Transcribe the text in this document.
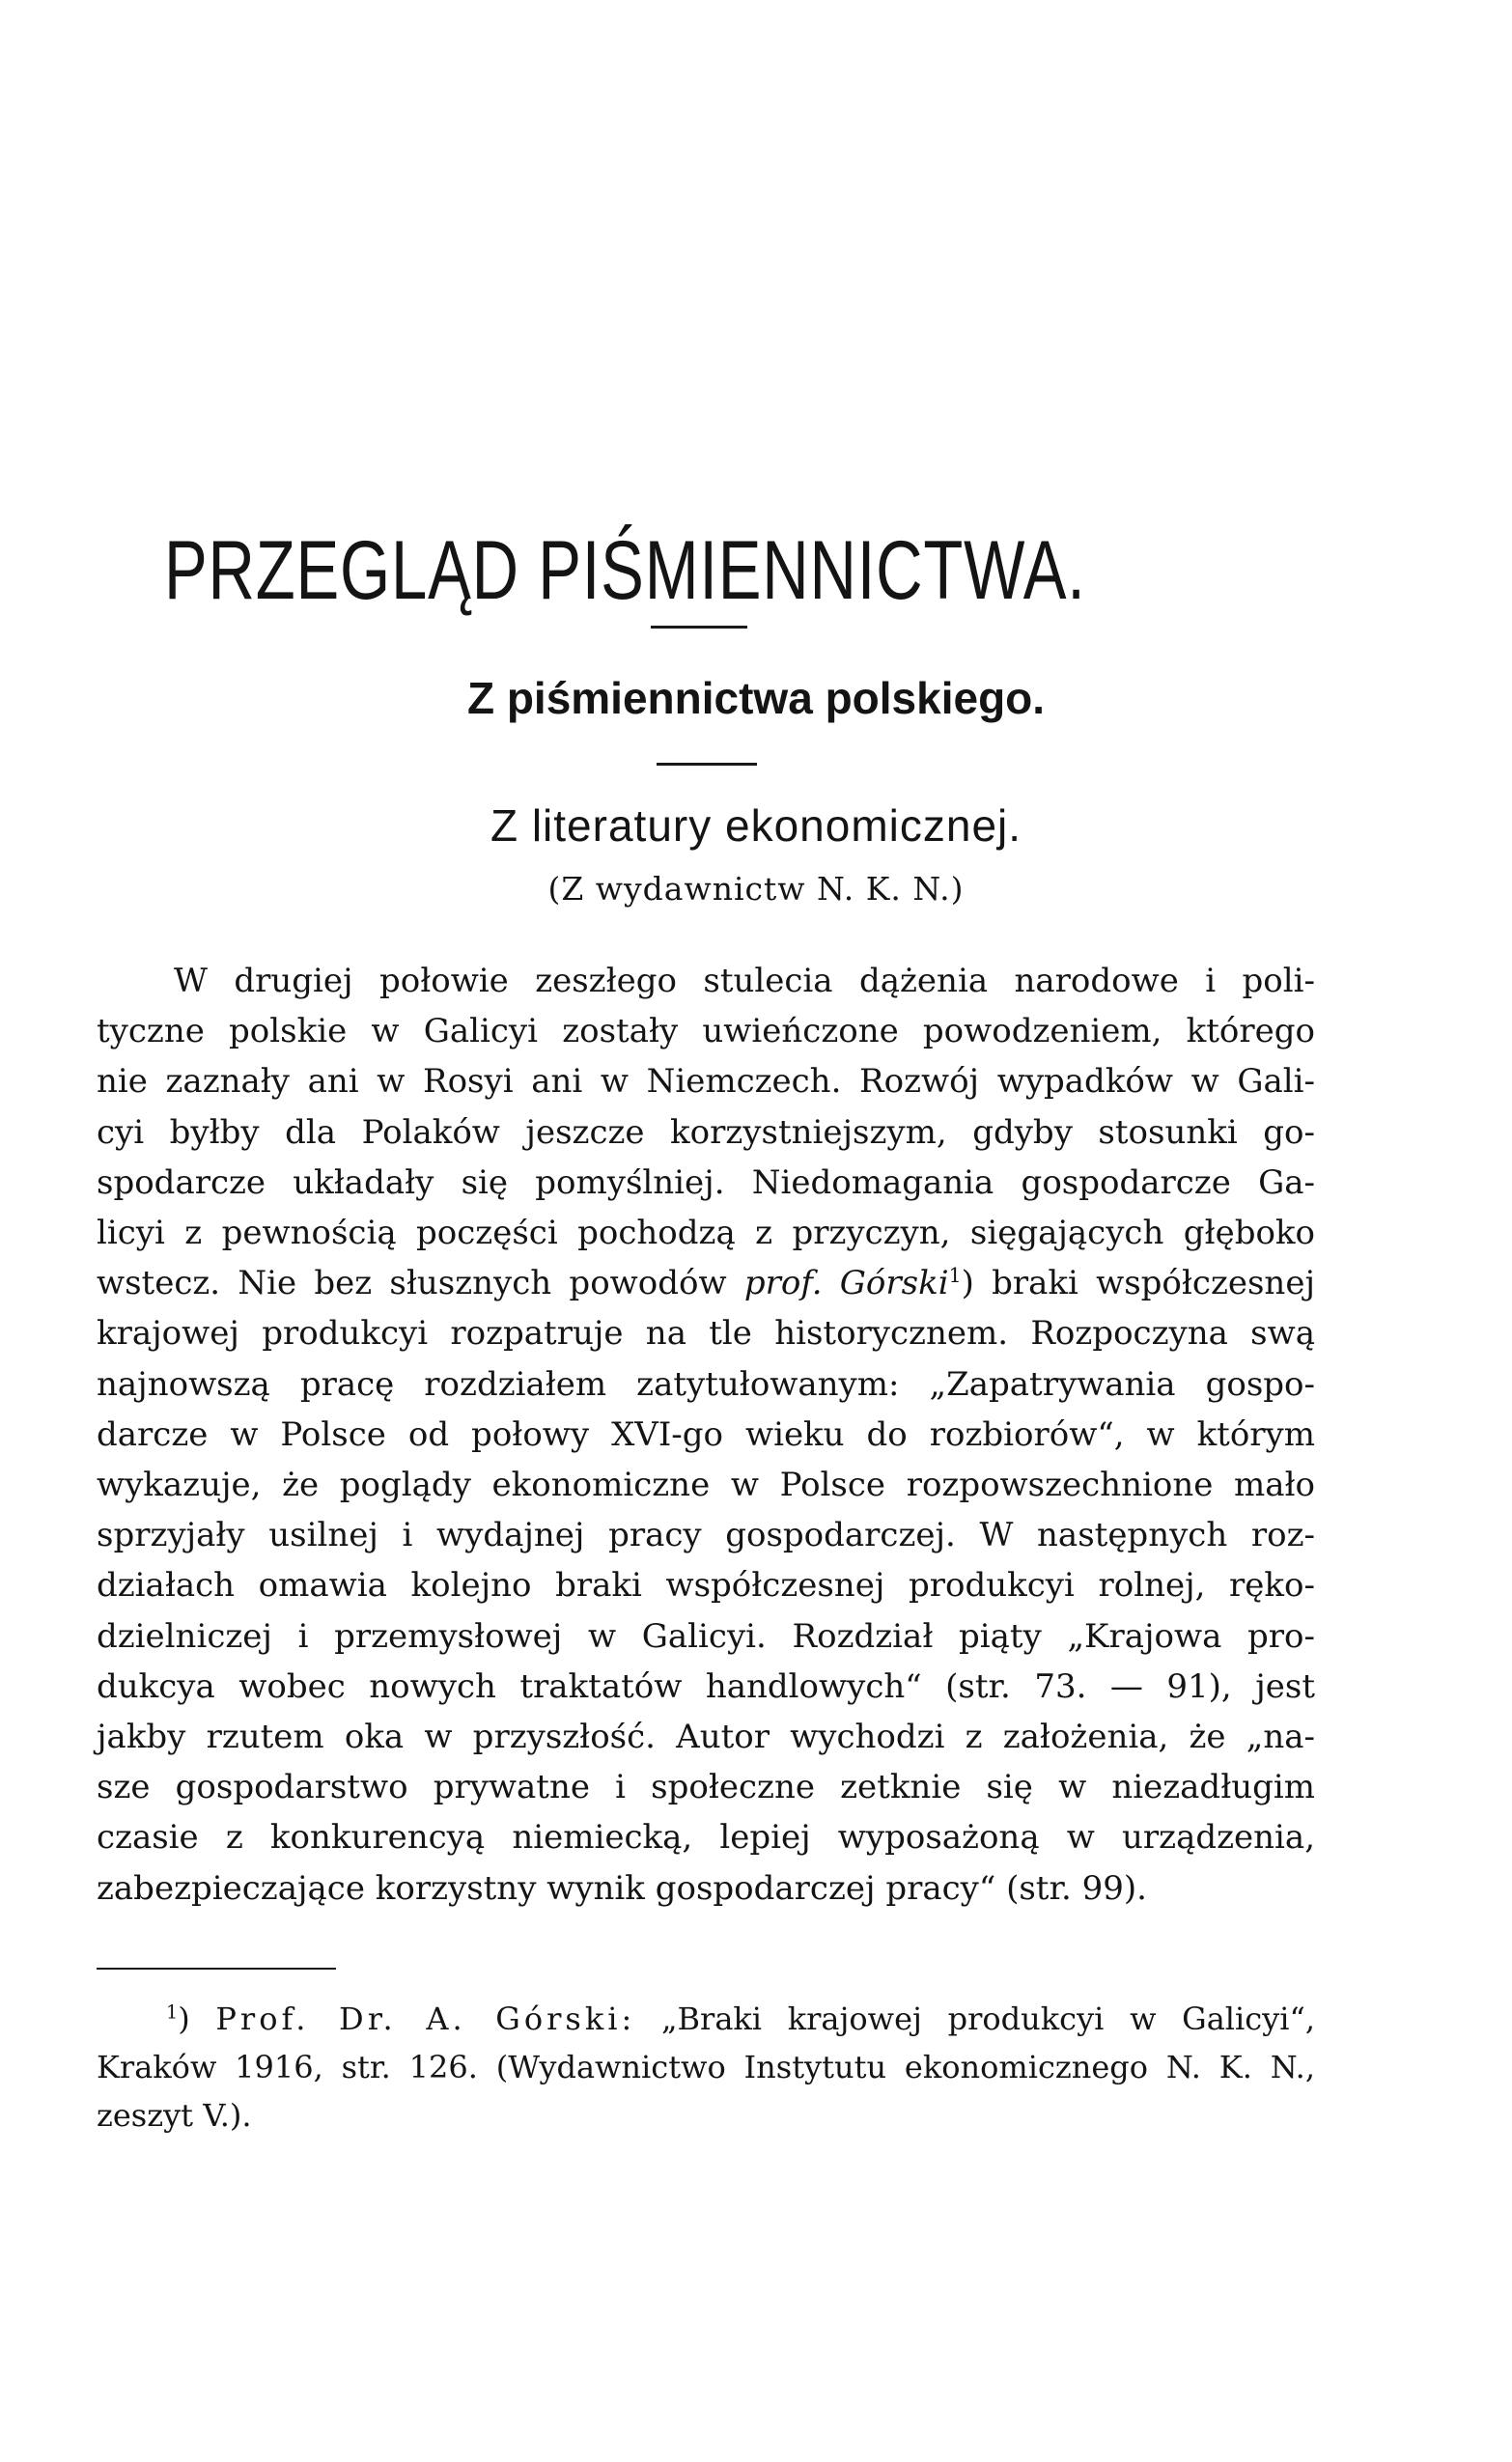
PRZEGLĄD PIŚMIENNICTWA.
Z piśmiennictwa polskiego.
Z literatury ekonomicznej.
(Z wydawnictw N. K. N.)

W drugiej połowie zeszłego stulecia dążenia narodowe i poli-
tyczne polskie w Galicyi zostały uwieńczone powodzeniem, którego
nie zaznały ani w Rosyi ani w Niemczech. Rozwój wypadków w Gali-
cyi byłby dla Polaków jeszcze korzystniejszym, gdyby stosunki go-
spodarcze układały się pomyślniej. Niedomagania gospodarcze Ga-
licyi z pewnością poczęści pochodzą z przyczyn, sięgających głęboko
wstecz. Nie bez słusznych powodów prof. Górski$^1$) braki współczesnej
krajowej produkcyi rozpatruje na tle historycznem. Rozpoczyna swą
najnowszą pracę rozdziałem zatytułowanym: „Zapatrywania gospo-
darcze w Polsce od połowy XVI-go wieku do rozbiorów“, w którym
wykazuje, że poglądy ekonomiczne w Polsce rozpowszechnione mało
sprzyjały usilnej i wydajnej pracy gospodarczej. W następnych roz-
działach omawia kolejno braki współczesnej produkcyi rolnej, ręko-
dzielniczej i przemysłowej w Galicyi. Rozdział piąty „Krajowa pro-
dukcya wobec nowych traktatów handlowych“ (str. 73. — 91), jest
jakby rzutem oka w przyszłość. Autor wychodzi z założenia, że „na-
sze gospodarstwo prywatne i społeczne zetknie się w niezadługim
czasie z konkurencyą niemiecką, lepiej wyposażoną w urządzenia,
zabezpieczające korzystny wynik gospodarczej pracy“ (str. 99).

$^1$) Prof. Dr. A. Górski: „Braki krajowej produkcyi w Galicyi“,
Kraków 1916, str. 126. (Wydawnictwo Instytutu ekonomicznego N. K. N.,
zeszyt V.).
